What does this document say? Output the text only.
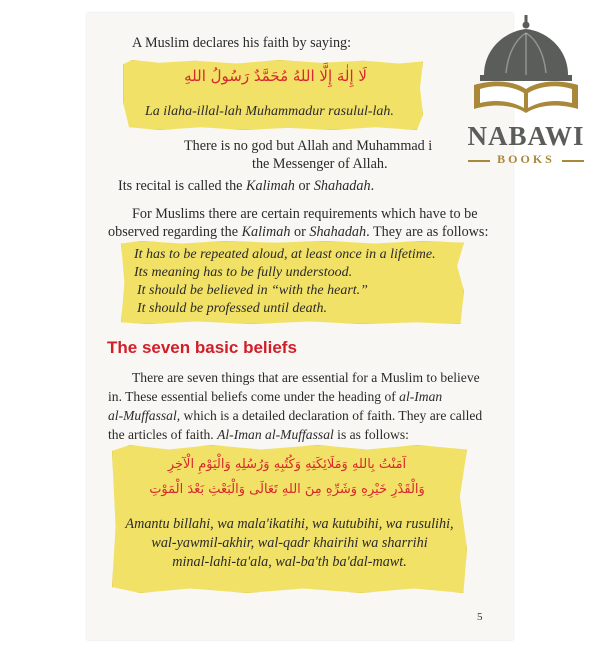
A Muslim declares his faith by saying:

لَا إِلٰهَ إِلَّا اللهُ مُحَمَّدٌ رَسُولُ اللهِ
La ilaha-illal-lah Muhammadur rasulul-lah.

There is no god but Allah and Muhammad i

the Messenger of Allah.

Its recital is called the Kalimah or Shahadah.

For Muslims there are certain requirements which have to be

observed regarding the Kalimah or Shahadah. They are as follows:

It has to be repeated aloud, at least once in a lifetime.
Its meaning has to be fully understood.
It should be believed in “with the heart.”
It should be professed until death.
The seven basic beliefs

There are seven things that are essential for a Muslim to believe

in. These essential beliefs come under the heading of al-Iman

al-Muffassal, which is a detailed declaration of faith. They are called

the articles of faith. Al-Iman al-Muffassal is as follows:

آمَنْتُ بِاللهِ وَمَلَائِكَتِهِ وَكُتُبِهِ وَرُسُلِهِ وَالْيَوْمِ الْآخِرِ
وَالْقَدْرِ خَيْرِهِ وَشَرِّهِ مِنَ اللهِ تَعَالَى وَالْبَعْثِ بَعْدَ الْمَوْتِ
Amantu billahi, wa mala'ikatihi, wa kutubihi, wa rusulihi,
wal-yawmil-akhir, wal-qadr khairihi wa sharrihi
minal-lahi-ta'ala, wal-ba'th ba'dal-mawt.
5
NABAWI
BOOKS
